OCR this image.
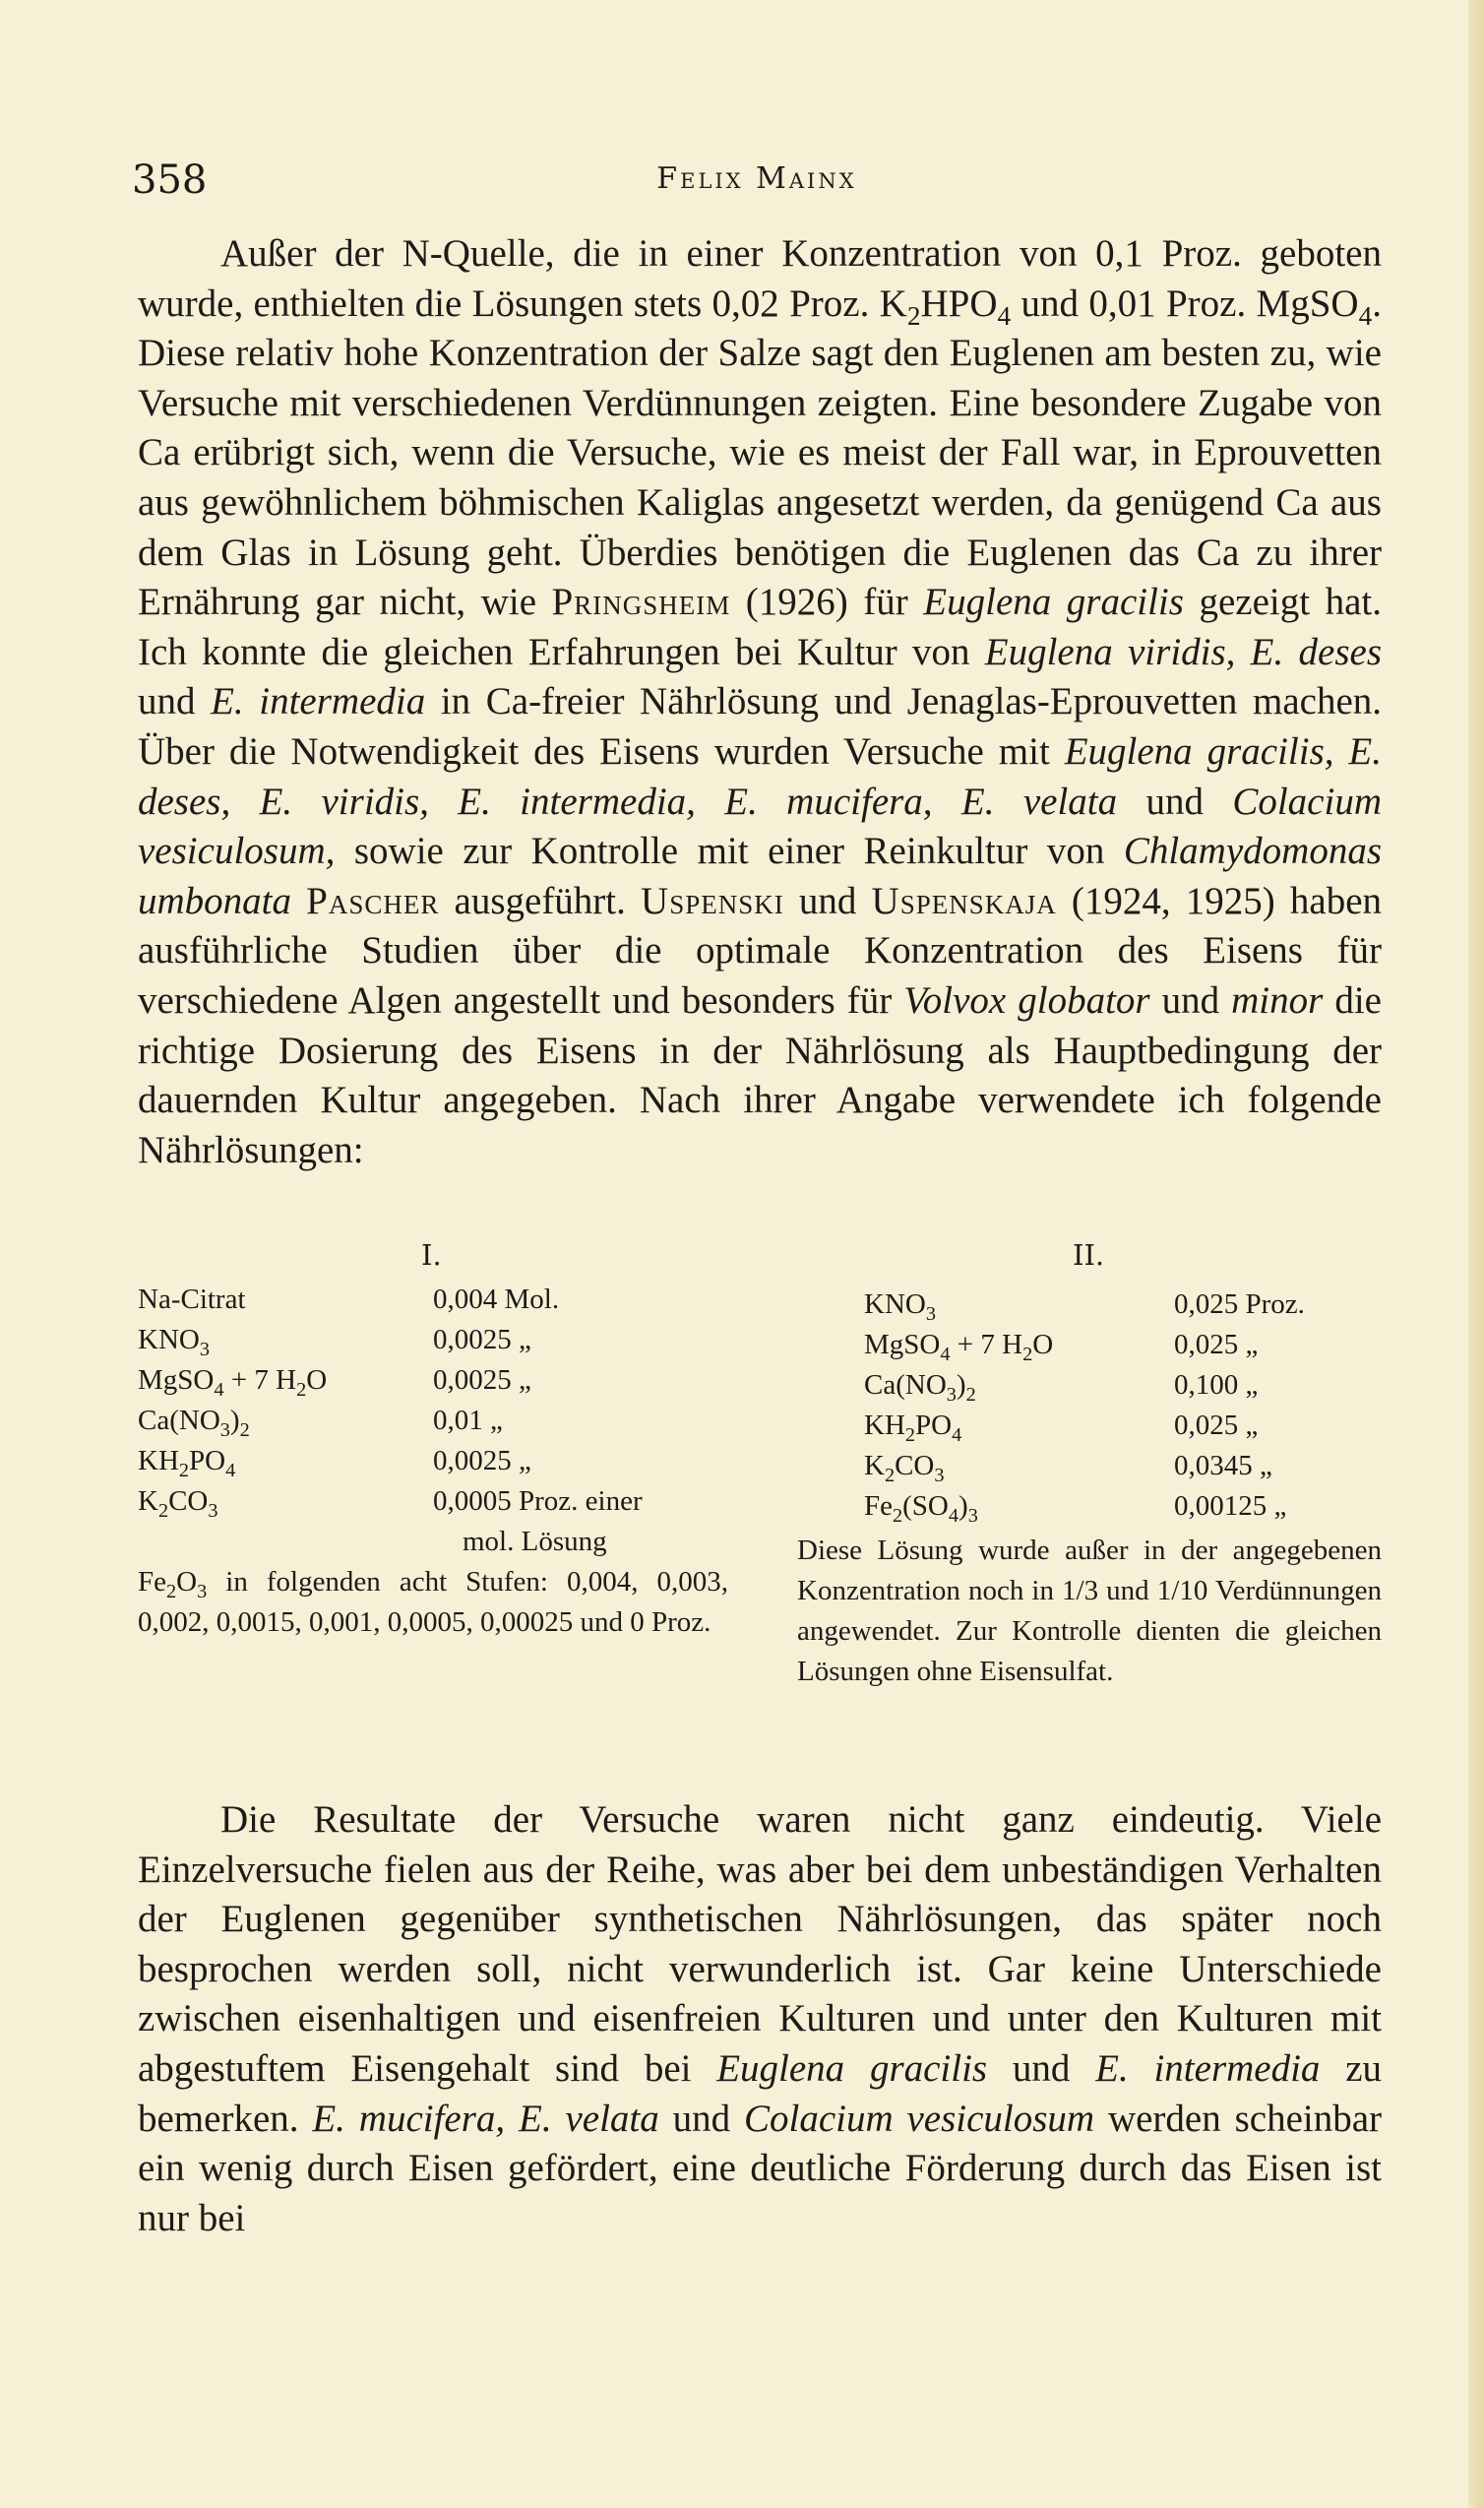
358	Felix Mainx

Außer der N-Quelle, die in einer Konzentration von 0,1 Proz. geboten wurde, enthielten die Lösungen stets 0,02 Proz. $K_2HPO_4$ und 0,01 Proz. MgSO$_4$. Diese relativ hohe Konzentration der Salze sagt den Euglenen am besten zu, wie Versuche mit verschiedenen Verdünnungen zeigten. Eine besondere Zugabe von Ca erübrigt sich, wenn die Versuche, wie es meist der Fall war, in Eprouvetten aus gewöhnlichem böhmischen Kaliglas angesetzt werden, da genügend Ca aus dem Glas in Lösung geht. Überdies benötigen die Euglenen das Ca zu ihrer Ernährung gar nicht, wie Pringsheim (1926) für Euglena gracilis gezeigt hat. Ich konnte die gleichen Erfahrungen bei Kultur von Euglena viridis, E. deses und E. intermedia in Ca-freier Nährlösung und Jenaglas-Eprouvetten machen. Über die Notwendigkeit des Eisens wurden Versuche mit Euglena gracilis, E. deses, E. viridis, E. intermedia, E. mucifera, E. velata und Colacium vesiculosum, sowie zur Kontrolle mit einer Reinkultur von Chlamydomonas umbonata Pascher ausgeführt. Uspenski und Uspenskaja (1924, 1925) haben ausführliche Studien über die optimale Konzentration des Eisens für verschiedene Algen angestellt und besonders für Volvox globator und minor die richtige Dosierung des Eisens in der Nährlösung als Hauptbedingung der dauernden Kultur angegeben. Nach ihrer Angabe verwendete ich folgende Nährlösungen:

I.	II.
Na-Citrat	0,004 Mol.
$KNO_3$	0,0025 „
MgSO$_4$ + 7 $H_2O$	0,0025 „
$Ca(NO_3)_2$	0,01 „
$KH_2PO_4$	0,0025 „
$K_2CO_3$	0,0005 Proz. einer
mol. Lösung
$Fe_2O_3$ in folgenden acht Stufen: 0,004, 0,003, 0,002, 0,0015, 0,001, 0,0005, 0,00025 und 0 Proz.
$KNO_3$	0,025 Proz.
MgSO$_4$ + 7 $H_2O$	0,025 „
$Ca(NO_3)_2$	0,100 „
$KH_2PO_4$	0,025 „
$K_2CO_3$	0,0345 „
$Fe_2(SO_4)_3$	0,00125 „
Diese Lösung wurde außer in der angegebenen Konzentration noch in 1/3 und 1/10 Verdünnungen angewendet. Zur Kontrolle dienten die gleichen Lösungen ohne Eisensulfat.

Die Resultate der Versuche waren nicht ganz eindeutig. Viele Einzelversuche fielen aus der Reihe, was aber bei dem unbeständigen Verhalten der Euglenen gegenüber synthetischen Nährlösungen, das später noch besprochen werden soll, nicht verwunderlich ist. Gar keine Unterschiede zwischen eisenhaltigen und eisenfreien Kulturen und unter den Kulturen mit abgestuftem Eisengehalt sind bei Euglena gracilis und E. intermedia zu bemerken. E. mucifera, E. velata und Colacium vesiculosum werden scheinbar ein wenig durch Eisen gefördert, eine deutliche Förderung durch das Eisen ist nur bei
